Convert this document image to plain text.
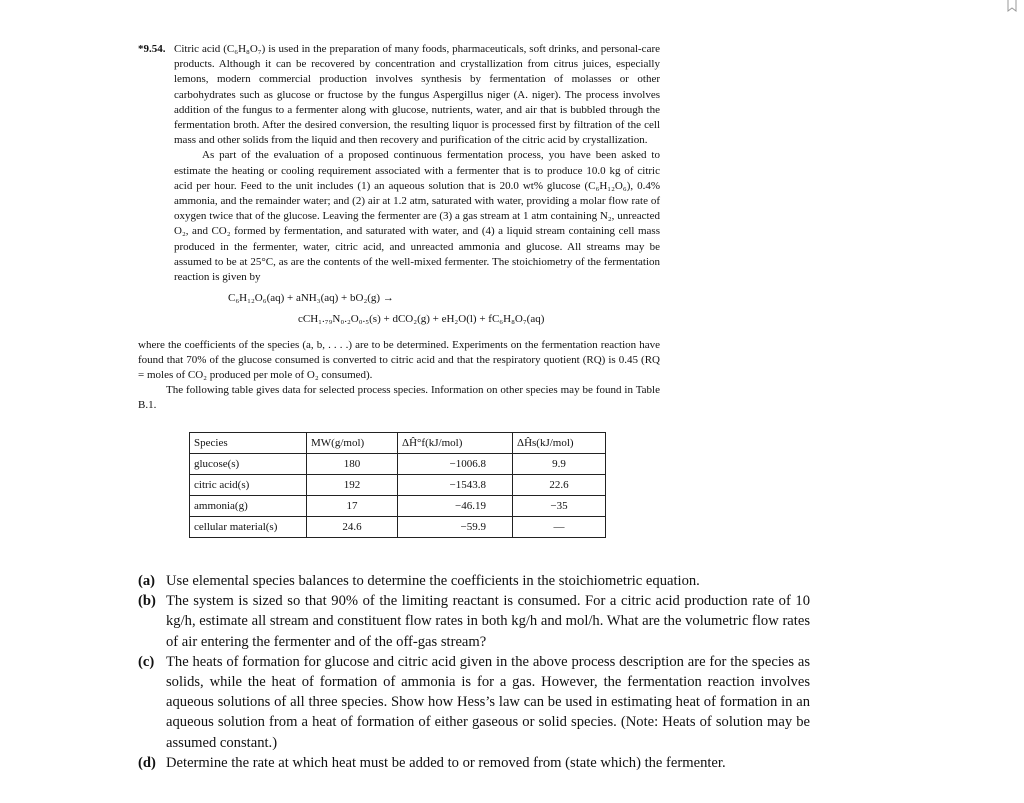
*9.54. Citric acid (C₆H₈O₇) is used in the preparation of many foods, pharmaceuticals, soft drinks, and personal-care products. Although it can be recovered by concentration and crystallization from citrus juices, especially lemons, modern commercial production involves synthesis by fermentation of molasses or other carbohydrates such as glucose or fructose by the fungus Aspergillus niger (A. niger). The process involves addition of the fungus to a fermenter along with glucose, nutrients, water, and air that is bubbled through the fermentation broth. After the desired conversion, the resulting liquor is processed first by filtration of the cell mass and other solids from the liquid and then recovery and purification of the citric acid by crystallization.

As part of the evaluation of a proposed continuous fermentation process, you have been asked to estimate the heating or cooling requirement associated with a fermenter that is to produce 10.0 kg of citric acid per hour. Feed to the unit includes (1) an aqueous solution that is 20.0 wt% glucose (C₆H₁₂O₆), 0.4% ammonia, and the remainder water; and (2) air at 1.2 atm, saturated with water, providing a molar flow rate of oxygen twice that of the glucose. Leaving the fermenter are (3) a gas stream at 1 atm containing N₂, unreacted O₂, and CO₂ formed by fermentation, and saturated with water, and (4) a liquid stream containing cell mass produced in the fermenter, water, citric acid, and unreacted ammonia and glucose. All streams may be assumed to be at 25°C, as are the contents of the well-mixed fermenter. The stoichiometry of the fermentation reaction is given by

C₆H₁₂O₆(aq) + aNH₃(aq) + bO₂(g) →
cCH₁.₇₉N₀.₂O₀.₅(s) + dCO₂(g) + eH₂O(l) + fC₆H₈O₇(aq)

where the coefficients of the species (a, b, . . . .) are to be determined. Experiments on the fermentation reaction have found that 70% of the glucose consumed is converted to citric acid and that the respiratory quotient (RQ) is 0.45 (RQ = moles of CO₂ produced per mole of O₂ consumed).

The following table gives data for selected process species. Information on other species may be found in Table B.1.

Species	MW(g/mol)	ΔĤ°f(kJ/mol)	ΔĤs(kJ/mol)
glucose(s)	180	−1006.8	9.9
citric acid(s)	192	−1543.8	22.6
ammonia(g)	17	−46.19	−35
cellular material(s)	24.6	−59.9	—

(a) Use elemental species balances to determine the coefficients in the stoichiometric equation.

(b) The system is sized so that 90% of the limiting reactant is consumed. For a citric acid production rate of 10 kg/h, estimate all stream and constituent flow rates in both kg/h and mol/h. What are the volumetric flow rates of air entering the fermenter and of the off-gas stream?

(c) The heats of formation for glucose and citric acid given in the above process description are for the species as solids, while the heat of formation of ammonia is for a gas. However, the fermentation reaction involves aqueous solutions of all three species. Show how Hess’s law can be used in estimating heat of formation in an aqueous solution from a heat of formation of either gaseous or solid species. (Note: Heats of solution may be assumed constant.)

(d) Determine the rate at which heat must be added to or removed from (state which) the fermenter.
